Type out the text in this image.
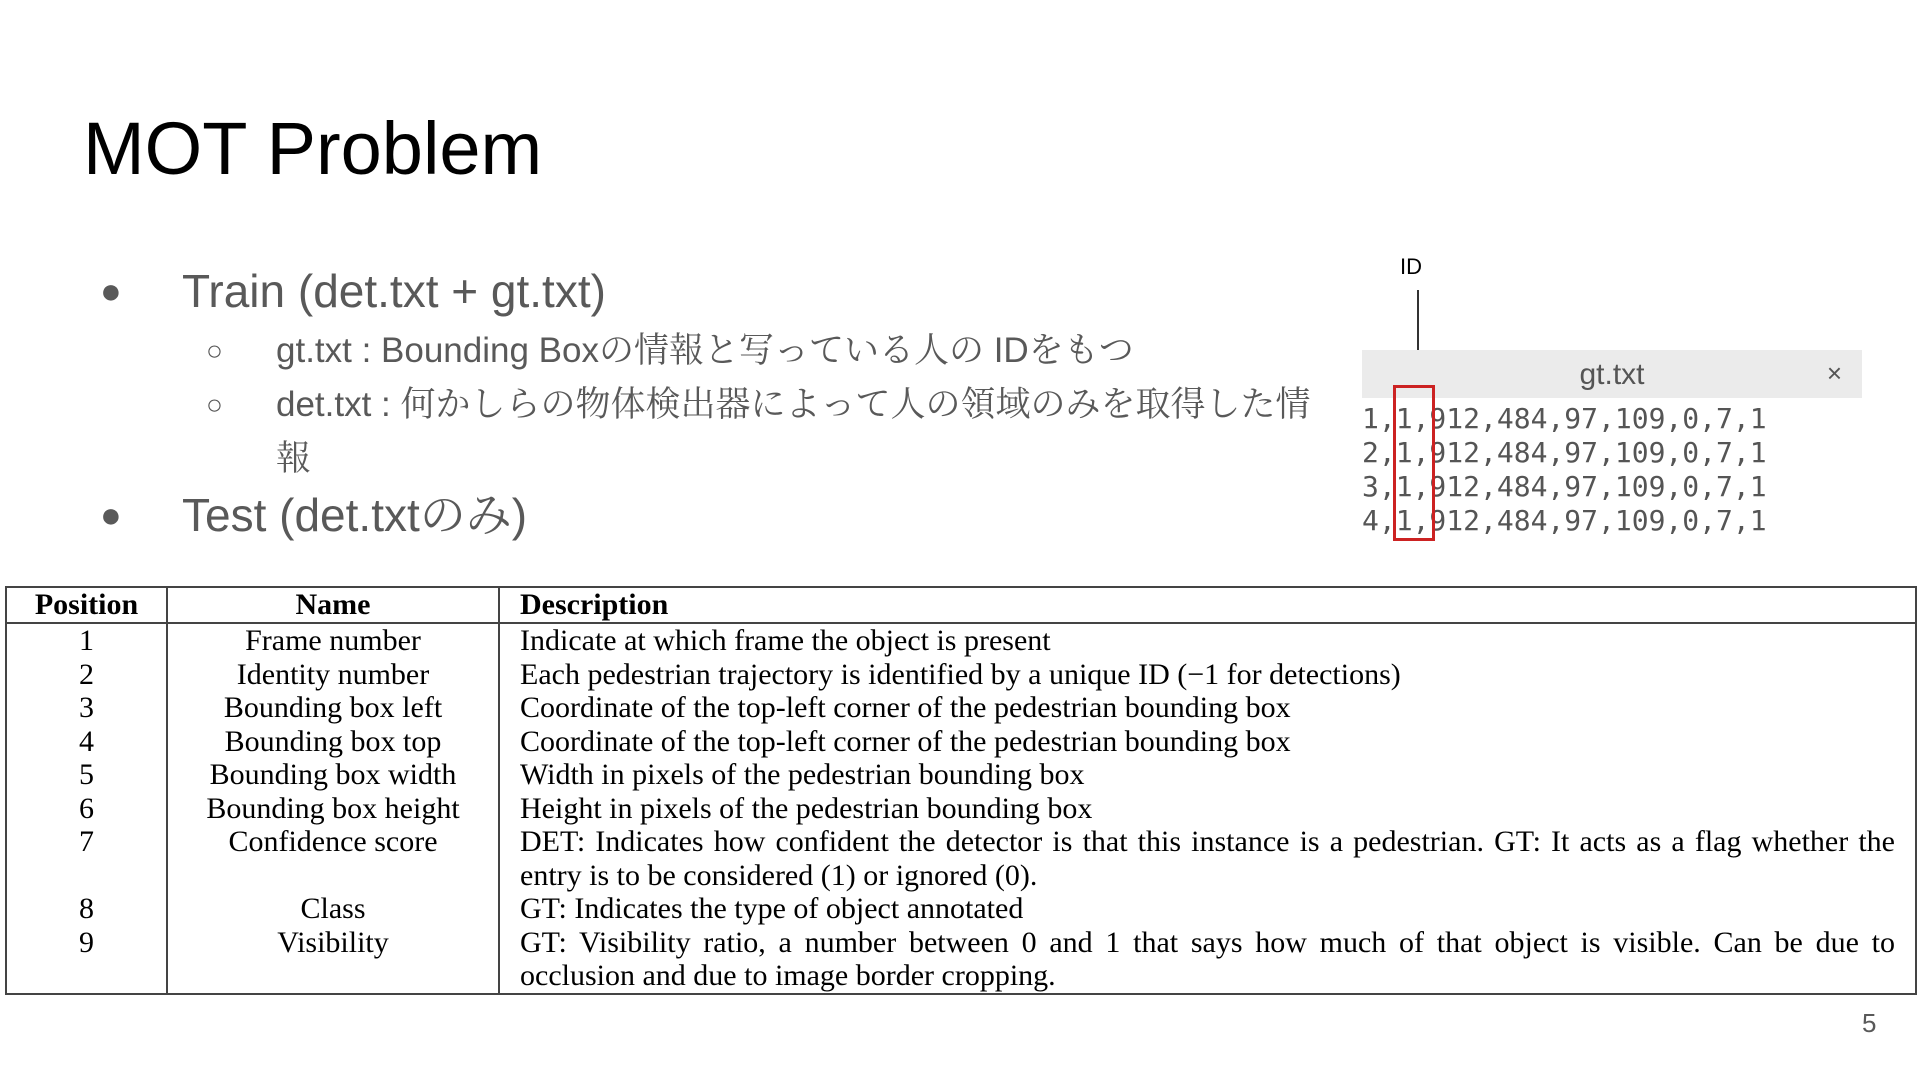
MOT Problem
● Train (det.txt + gt.txt)
○ gt.txt : Bounding Boxの情報と写っている人の IDをもつ
○ det.txt : 何かしらの物体検出器によって人の領域のみを取得した情報
● Test (det.txtのみ)
ID
gt.txt	×
1,1,912,484,97,109,0,7,1
2,1,912,484,97,109,0,7,1
3,1,912,484,97,109,0,7,1
4,1,912,484,97,109,0,7,1
Position	Name	Description
1	Frame number	Indicate at which frame the object is present
2	Identity number	Each pedestrian trajectory is identified by a unique ID (−1 for detections)
3	Bounding box left	Coordinate of the top-left corner of the pedestrian bounding box
4	Bounding box top	Coordinate of the top-left corner of the pedestrian bounding box
5	Bounding box width	Width in pixels of the pedestrian bounding box
6	Bounding box height	Height in pixels of the pedestrian bounding box
7	Confidence score	DET: Indicates how confident the detector is that this instance is a pedestrian. GT: It acts as a flag whether the entry is to be considered (1) or ignored (0).
8	Class	GT: Indicates the type of object annotated
9	Visibility	GT: Visibility ratio, a number between 0 and 1 that says how much of that object is visible. Can be due to occlusion and due to image border cropping.
5
